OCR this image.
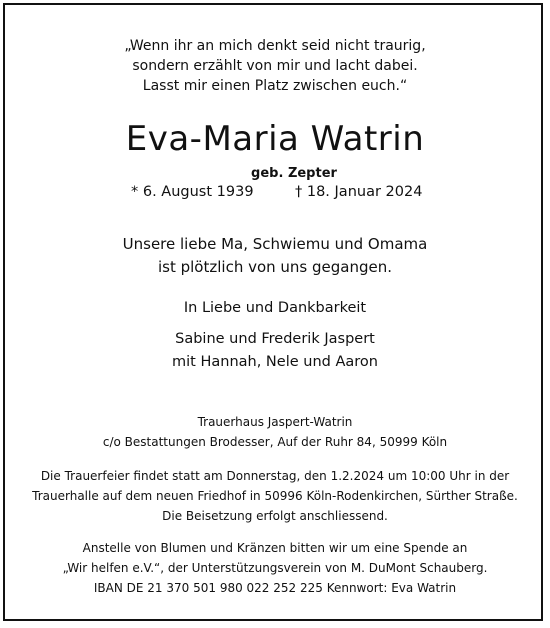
„Wenn ihr an mich denkt seid nicht traurig,
sondern erzählt von mir und lacht dabei.
Lasst mir einen Platz zwischen euch.“
Eva-Maria Watrin
geb. Zepter
* 6. August 1939	† 18. Januar 2024
Unsere liebe Ma, Schwiemu und Omama
ist plötzlich von uns gegangen.
In Liebe und Dankbarkeit
Sabine und Frederik Jaspert
mit Hannah, Nele und Aaron
Trauerhaus Jaspert-Watrin
c/o Bestattungen Brodesser, Auf der Ruhr 84, 50999 Köln
Die Trauerfeier findet statt am Donnerstag, den 1.2.2024 um 10:00 Uhr in der
Trauerhalle auf dem neuen Friedhof in 50996 Köln-Rodenkirchen, Sürther Straße.
Die Beisetzung erfolgt anschliessend.
Anstelle von Blumen und Kränzen bitten wir um eine Spende an
„Wir helfen e.V.“, der Unterstützungsverein von M. DuMont Schauberg.
IBAN DE 21 370 501 980 022 252 225 Kennwort: Eva Watrin
